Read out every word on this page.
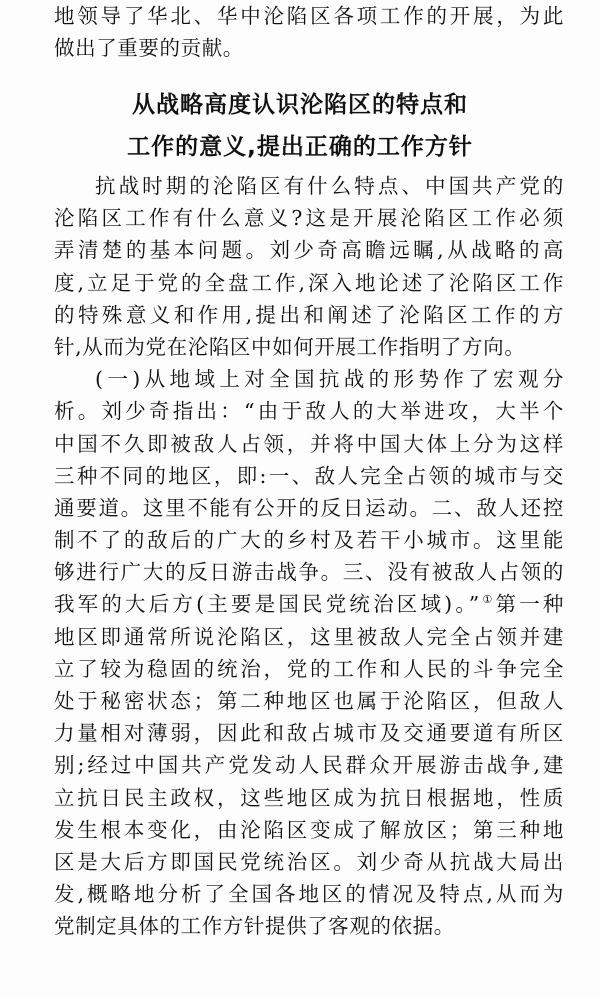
地领导了华北、华中沦陷区各项工作的开展，为此
做出了重要的贡献。
从战略高度认识沦陷区的特点和
工作的意义,提出正确的工作方针
抗战时期的沦陷区有什么特点、中国共产党的
沦陷区工作有什么意义?这是开展沦陷区工作必须
弄清楚的基本问题。刘少奇高瞻远瞩,从战略的高
度,立足于党的全盘工作,深入地论述了沦陷区工作
的特殊意义和作用,提出和阐述了沦陷区工作的方
针,从而为党在沦陷区中如何开展工作指明了方向。
(一)从地域上对全国抗战的形势作了宏观分
析。刘少奇指出：“由于敌人的大举进攻，大半个
中国不久即被敌人占领，并将中国大体上分为这样
三种不同的地区，即:一、敌人完全占领的城市与交
通要道。这里不能有公开的反日运动。二、敌人还控
制不了的敌后的广大的乡村及若干小城市。这里能
够进行广大的反日游击战争。三、没有被敌人占领的
我军的大后方(主要是国民党统治区域)。”①第一种
地区即通常所说沦陷区，这里被敌人完全占领并建
立了较为稳固的统治，党的工作和人民的斗争完全
处于秘密状态；第二种地区也属于沦陷区，但敌人
力量相对薄弱，因此和敌占城市及交通要道有所区
别;经过中国共产党发动人民群众开展游击战争,建
立抗日民主政权，这些地区成为抗日根据地，性质
发生根本变化，由沦陷区变成了解放区；第三种地
区是大后方即国民党统治区。刘少奇从抗战大局出
发,概略地分析了全国各地区的情况及特点,从而为
党制定具体的工作方针提供了客观的依据。
